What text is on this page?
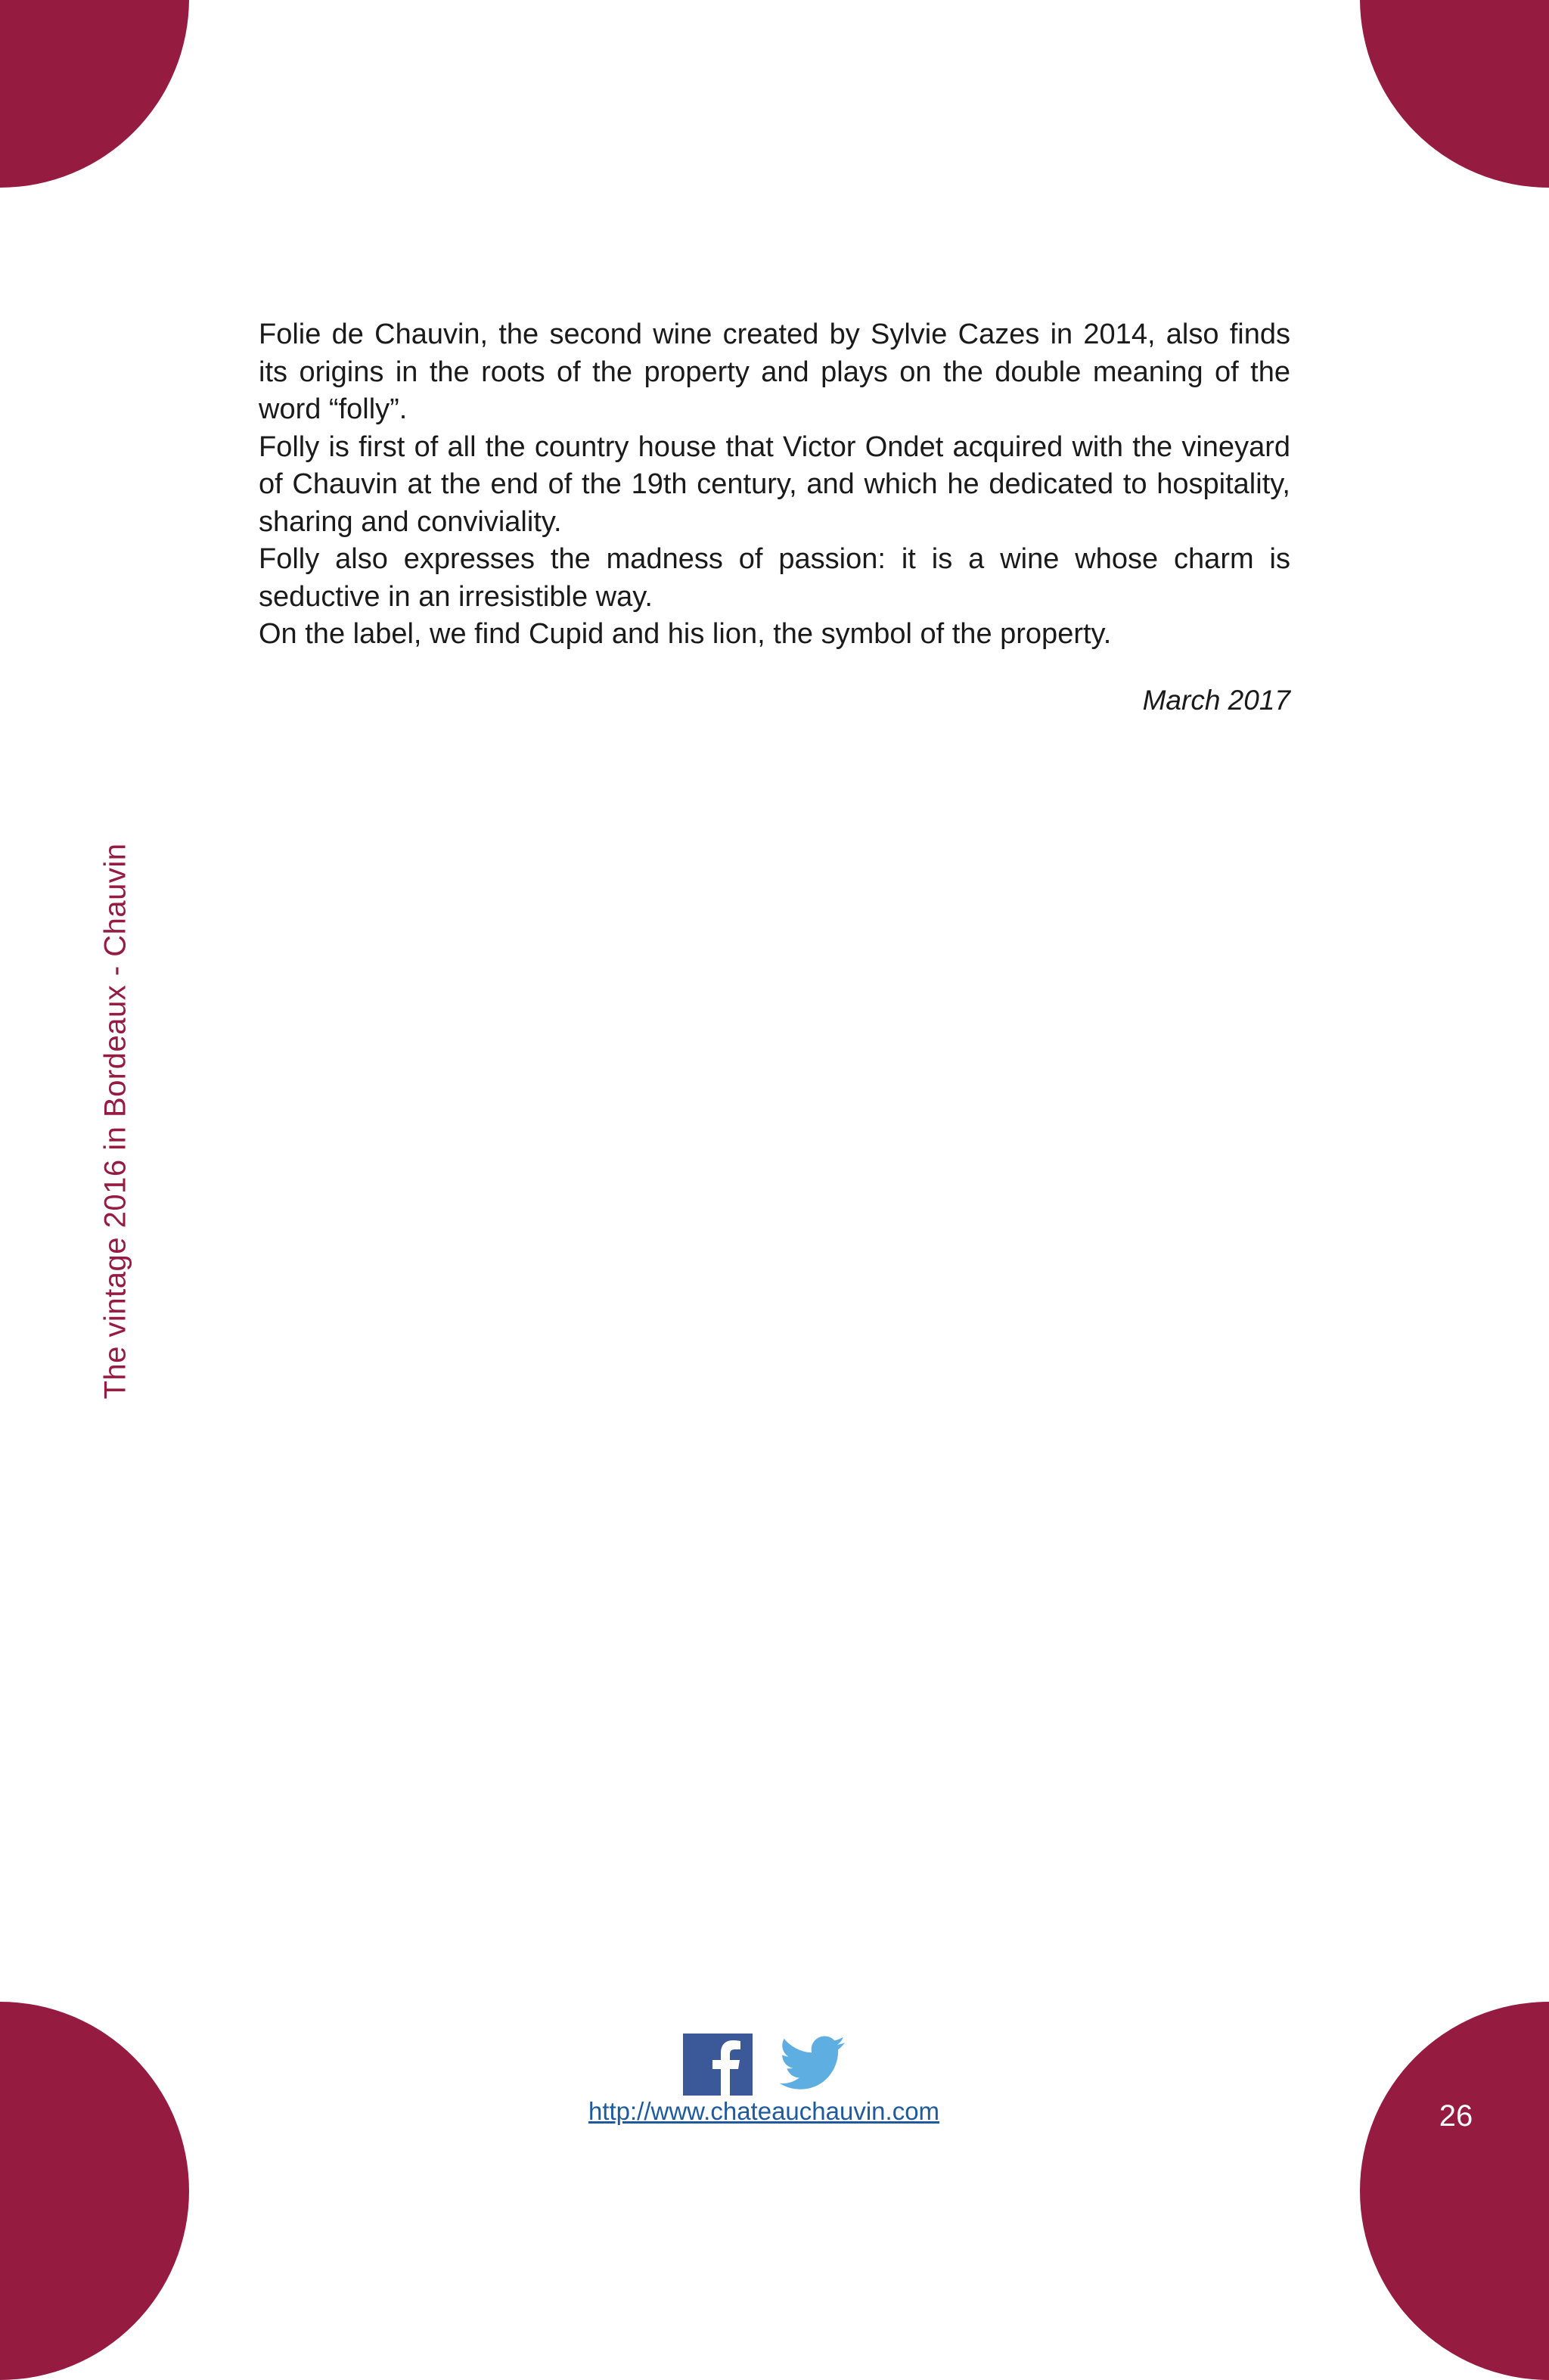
The vintage 2016 in Bordeaux - Chauvin

Folie de Chauvin, the second wine created by Sylvie Cazes in 2014, also finds its origins in the roots of the property and plays on the double meaning of the word “folly”.

Folly is first of all the country house that Victor Ondet acquired with the vineyard of Chauvin at the end of the 19th century, and which he dedicated to hospitality, sharing and conviviality.

Folly also expresses the madness of passion: it is a wine whose charm is seductive in an irresistible way.

On the label, we find Cupid and his lion, the symbol of the property.

March 2017
http://www.chateauchauvin.com	26
